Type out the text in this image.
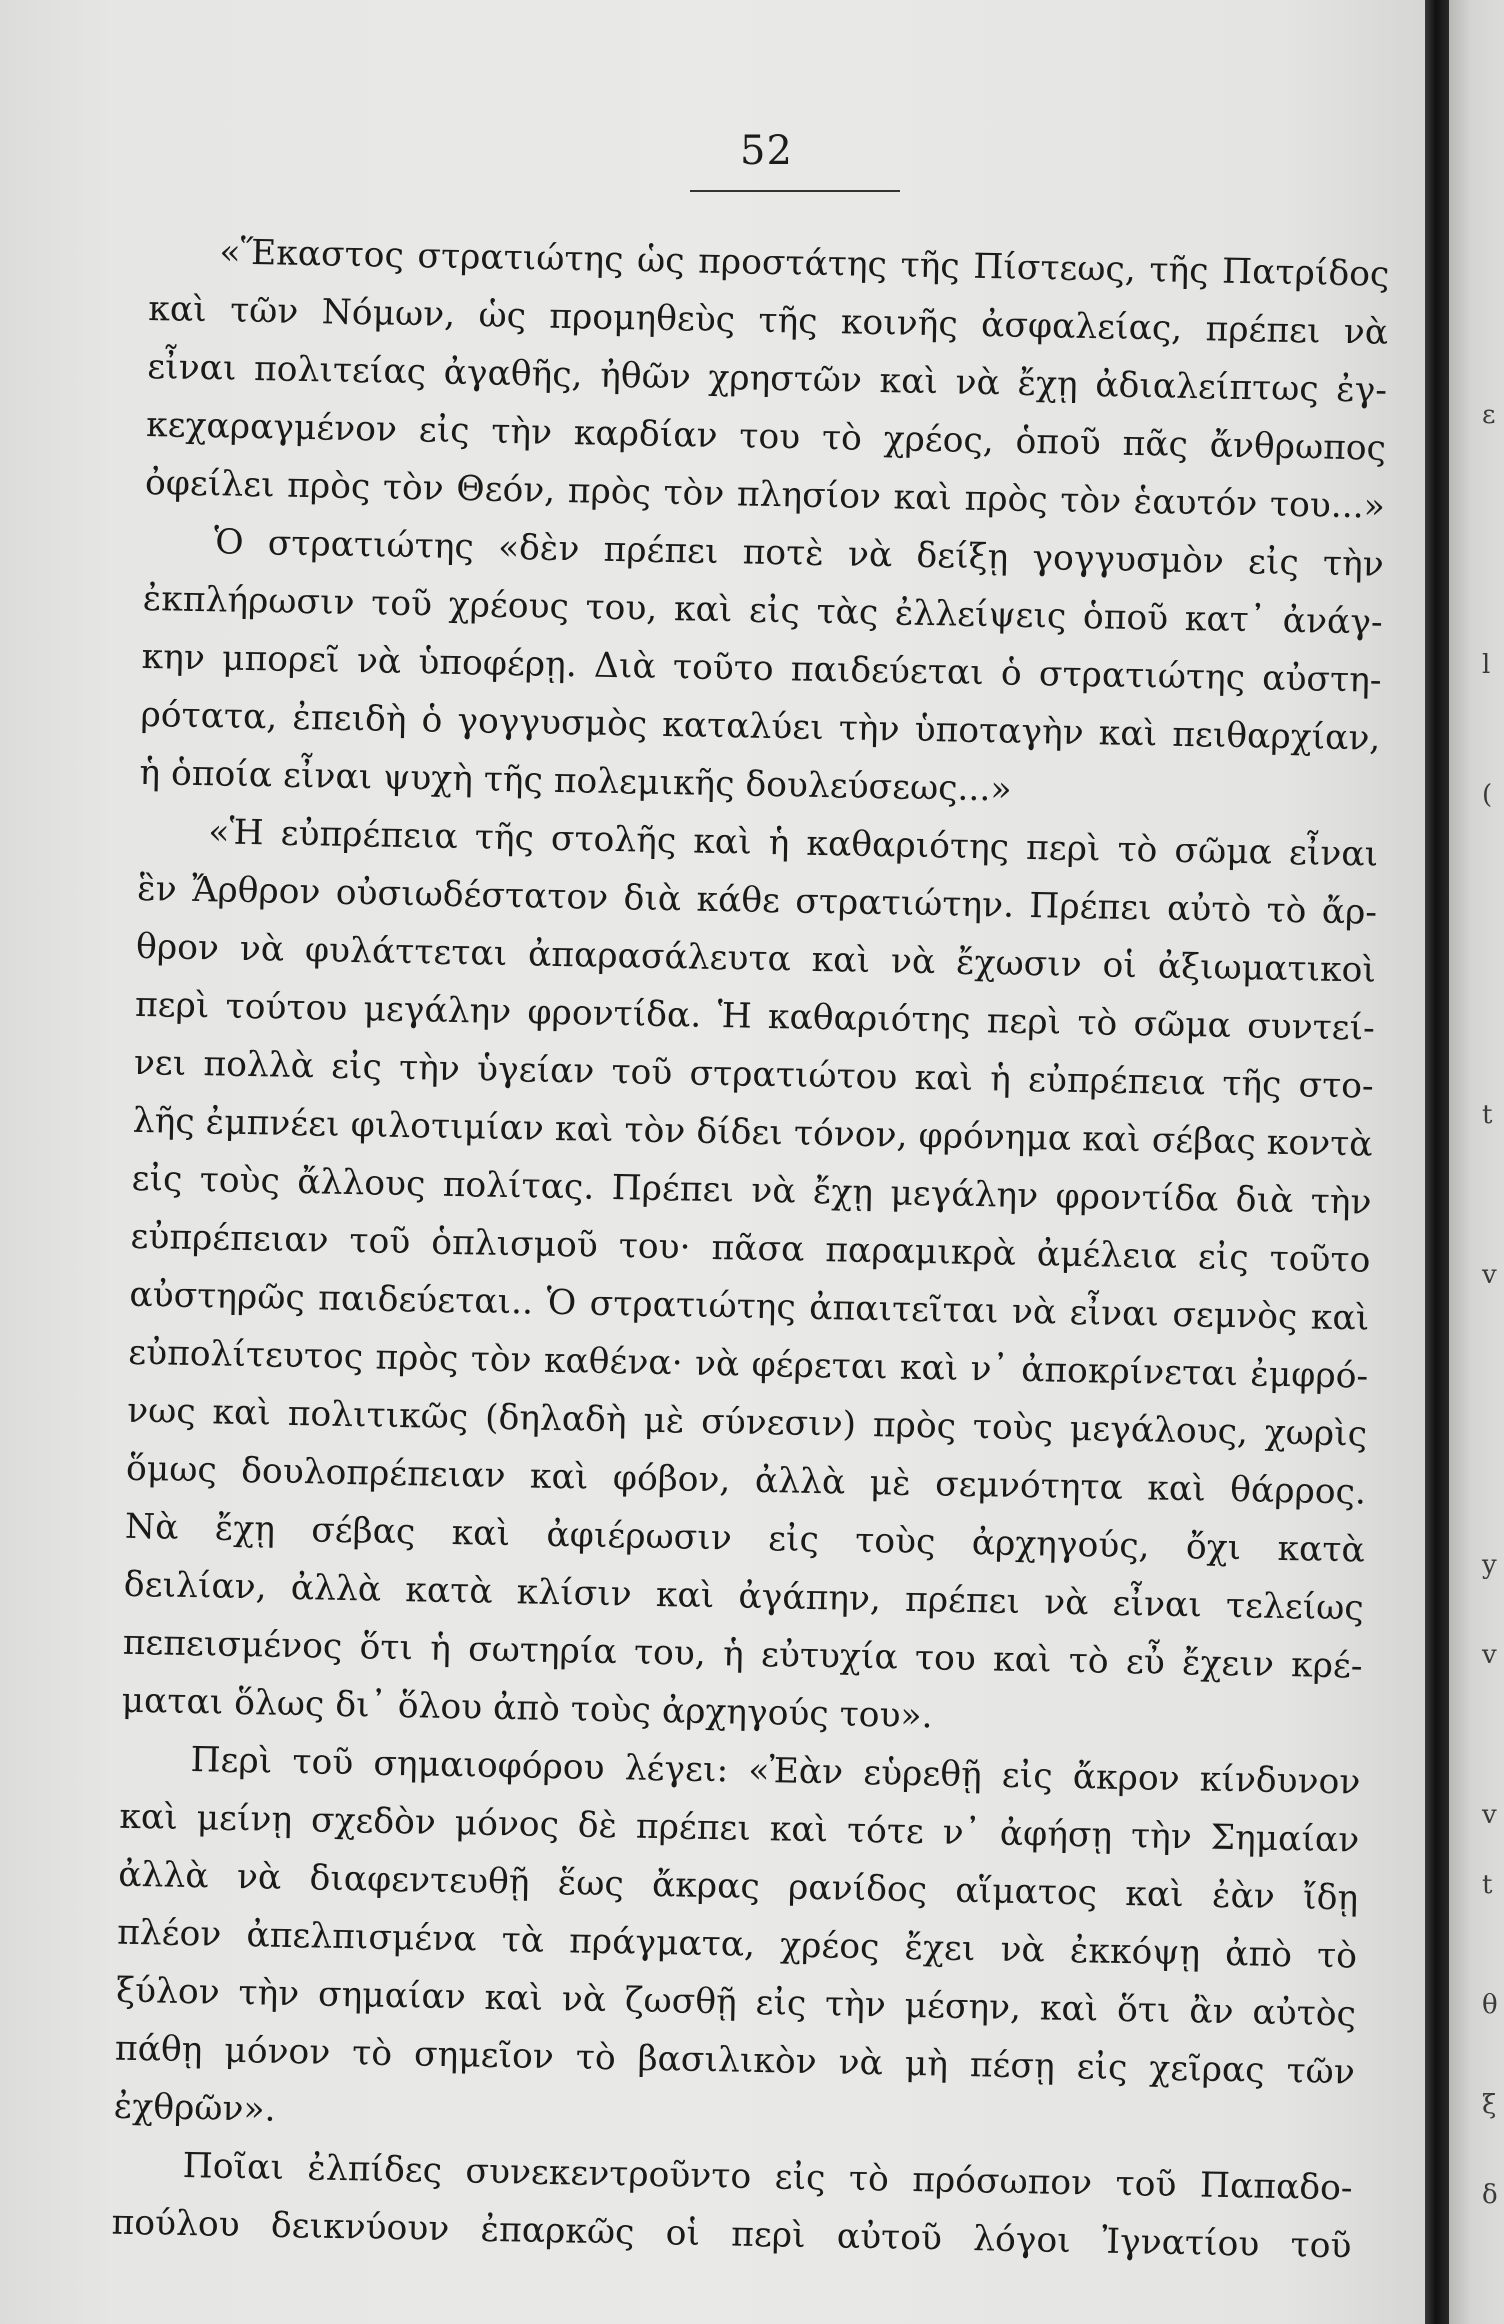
52
«Ἕκαστος στρατιώτης ὡς προστάτης τῆς Πίστεως, τῆς Πατρίδος
καὶ τῶν Νόμων, ὡς προμηθεὺς τῆς κοινῆς ἀσφαλείας, πρέπει νὰ
εἶναι πολιτείας ἀγαθῆς, ἠθῶν χρηστῶν καὶ νὰ ἔχῃ ἀδιαλείπτως ἐγ-
κεχαραγμένον εἰς τὴν καρδίαν του τὸ χρέος, ὁποῦ πᾶς ἄνθρωπος
ὀφείλει πρὸς τὸν Θεόν, πρὸς τὸν πλησίον καὶ πρὸς τὸν ἑαυτόν του...»
Ὁ στρατιώτης «δὲν πρέπει ποτὲ νὰ δείξῃ γογγυσμὸν εἰς τὴν
ἐκπλήρωσιν τοῦ χρέους του, καὶ εἰς τὰς ἐλλείψεις ὁποῦ κατ᾽ ἀνάγ-
κην μπορεῖ νὰ ὑποφέρῃ. Διὰ τοῦτο παιδεύεται ὁ στρατιώτης αὐστη-
ρότατα, ἐπειδὴ ὁ γογγυσμὸς καταλύει τὴν ὑποταγὴν καὶ πειθαρχίαν,
ἡ ὁποία εἶναι ψυχὴ τῆς πολεμικῆς δουλεύσεως...»
«Ἡ εὐπρέπεια τῆς στολῆς καὶ ἡ καθαριότης περὶ τὸ σῶμα εἶναι
ἓν Ἄρθρον οὐσιωδέστατον διὰ κάθε στρατιώτην. Πρέπει αὐτὸ τὸ ἄρ-
θρον νὰ φυλάττεται ἀπαρασάλευτα καὶ νὰ ἔχωσιν οἱ ἀξιωματικοὶ
περὶ τούτου μεγάλην φροντίδα. Ἡ καθαριότης περὶ τὸ σῶμα συντεί-
νει πολλὰ εἰς τὴν ὑγείαν τοῦ στρατιώτου καὶ ἡ εὐπρέπεια τῆς στο-
λῆς ἐμπνέει φιλοτιμίαν καὶ τὸν δίδει τόνον, φρόνημα καὶ σέβας κοντὰ
εἰς τοὺς ἄλλους πολίτας. Πρέπει νὰ ἔχῃ μεγάλην φροντίδα διὰ τὴν
εὐπρέπειαν τοῦ ὁπλισμοῦ του· πᾶσα παραμικρὰ ἀμέλεια εἰς τοῦτο
αὐστηρῶς παιδεύεται.. Ὁ στρατιώτης ἀπαιτεῖται νὰ εἶναι σεμνὸς καὶ
εὐπολίτευτος πρὸς τὸν καθένα· νὰ φέρεται καὶ ν᾽ ἀποκρίνεται ἐμφρό-
νως καὶ πολιτικῶς (δηλαδὴ μὲ σύνεσιν) πρὸς τοὺς μεγάλους, χωρὶς
ὅμως δουλοπρέπειαν καὶ φόβον, ἀλλὰ μὲ σεμνότητα καὶ θάρρος.
Νὰ ἔχῃ σέβας καὶ ἀφιέρωσιν εἰς τοὺς ἀρχηγούς, ὄχι κατὰ
δειλίαν, ἀλλὰ κατὰ κλίσιν καὶ ἀγάπην, πρέπει νὰ εἶναι τελείως
πεπεισμένος ὅτι ἡ σωτηρία του, ἡ εὐτυχία του καὶ τὸ εὖ ἔχειν κρέ-
μαται ὅλως δι᾽ ὅλου ἀπὸ τοὺς ἀρχηγούς του».
Περὶ τοῦ σημαιοφόρου λέγει: «Ἐὰν εὑρεθῇ εἰς ἄκρον κίνδυνον
καὶ μείνῃ σχεδὸν μόνος δὲ πρέπει καὶ τότε ν᾽ ἀφήσῃ τὴν Σημαίαν
ἀλλὰ νὰ διαφεντευθῇ ἕως ἄκρας ρανίδος αἵματος καὶ ἐὰν ἴδῃ
πλέον ἀπελπισμένα τὰ πράγματα, χρέος ἔχει νὰ ἐκκόψῃ ἀπὸ τὸ
ξύλον τὴν σημαίαν καὶ νὰ ζωσθῇ εἰς τὴν μέσην, καὶ ὅτι ἂν αὐτὸς
πάθῃ μόνον τὸ σημεῖον τὸ βασιλικὸν νὰ μὴ πέσῃ εἰς χεῖρας τῶν
ἐχθρῶν».
Ποῖαι ἐλπίδες συνεκεντροῦντο εἰς τὸ πρόσωπον τοῦ Παπαδο-
πούλου δεικνύουν ἐπαρκῶς οἱ περὶ αὐτοῦ λόγοι Ἰγνατίου τοῦ
ε
l
(
t
v
y
v
v
t
θ
ξ
δ
